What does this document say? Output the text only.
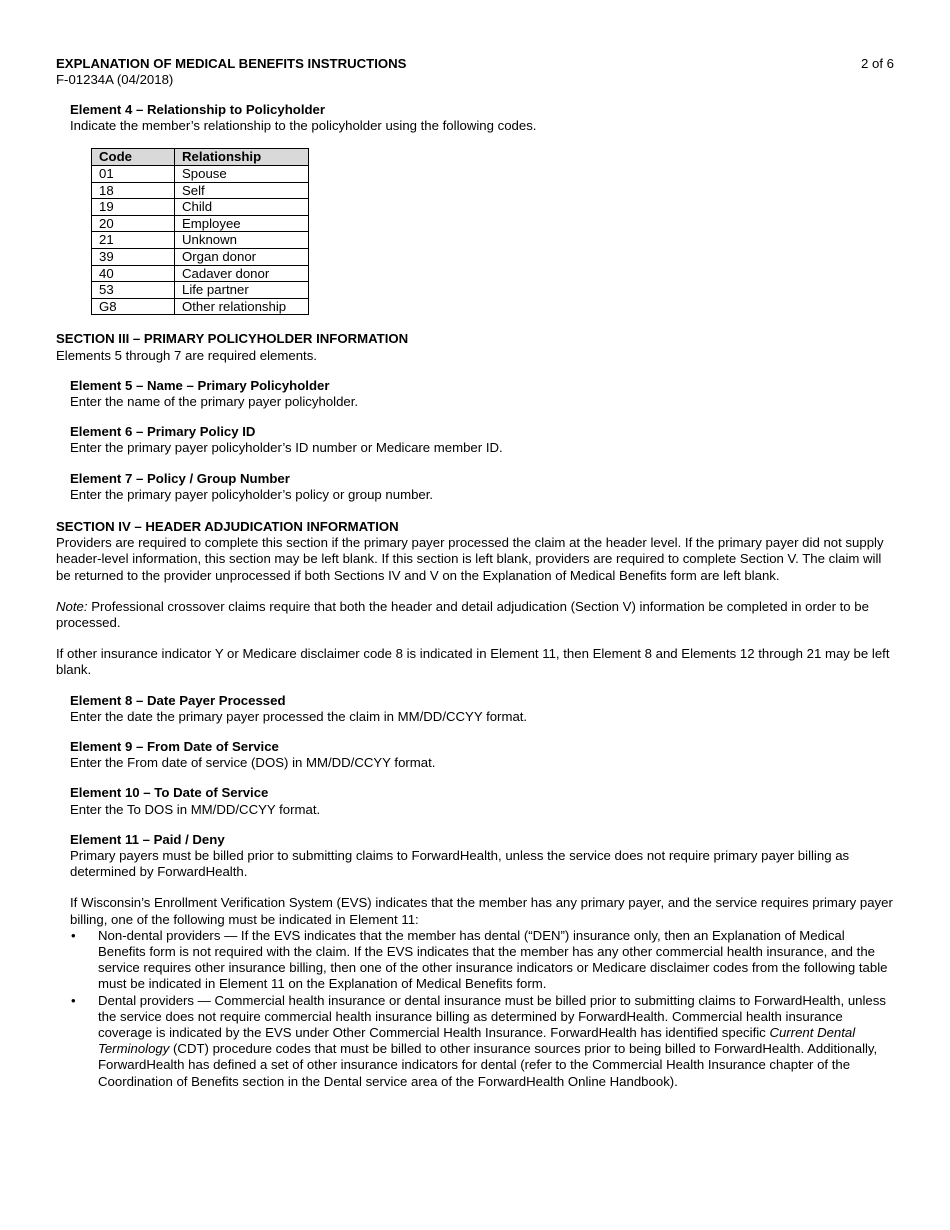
EXPLANATION OF MEDICAL BENEFITS INSTRUCTIONS	2 of 6
F-01234A (04/2018)
Element 4 – Relationship to Policyholder

Indicate the member’s relationship to the policyholder using the following codes.

Code	Relationship
01	Spouse
18	Self
19	Child
20	Employee
21	Unknown
39	Organ donor
40	Cadaver donor
53	Life partner
G8	Other relationship
SECTION III – PRIMARY POLICYHOLDER INFORMATION

Elements 5 through 7 are required elements.

Element 5 – Name – Primary Policyholder

Enter the name of the primary payer policyholder.

Element 6 – Primary Policy ID

Enter the primary payer policyholder’s ID number or Medicare member ID.

Element 7 – Policy / Group Number

Enter the primary payer policyholder’s policy or group number.

SECTION IV – HEADER ADJUDICATION INFORMATION

Providers are required to complete this section if the primary payer processed the claim at the header level. If the primary payer did not supply header-level information, this section may be left blank. If this section is left blank, providers are required to complete Section V. The claim will be returned to the provider unprocessed if both Sections IV and V on the Explanation of Medical Benefits form are left blank.

Note: Professional crossover claims require that both the header and detail adjudication (Section V) information be completed in order to be processed.

If other insurance indicator Y or Medicare disclaimer code 8 is indicated in Element 11, then Element 8 and Elements 12 through 21 may be left blank.

Element 8 – Date Payer Processed

Enter the date the primary payer processed the claim in MM/DD/CCYY format.

Element 9 – From Date of Service

Enter the From date of service (DOS) in MM/DD/CCYY format.

Element 10 – To Date of Service

Enter the To DOS in MM/DD/CCYY format.

Element 11 – Paid / Deny

Primary payers must be billed prior to submitting claims to ForwardHealth, unless the service does not require primary payer billing as determined by ForwardHealth.

If Wisconsin’s Enrollment Verification System (EVS) indicates that the member has any primary payer, and the service requires primary payer billing, one of the following must be indicated in Element 11:

• Non-dental providers — If the EVS indicates that the member has dental (“DEN”) insurance only, then an Explanation of Medical Benefits form is not required with the claim. If the EVS indicates that the member has any other commercial health insurance, and the service requires other insurance billing, then one of the other insurance indicators or Medicare disclaimer codes from the following table must be indicated in Element 11 on the Explanation of Medical Benefits form.
• Dental providers — Commercial health insurance or dental insurance must be billed prior to submitting claims to ForwardHealth, unless the service does not require commercial health insurance billing as determined by ForwardHealth. Commercial health insurance coverage is indicated by the EVS under Other Commercial Health Insurance. ForwardHealth has identified specific Current Dental Terminology (CDT) procedure codes that must be billed to other insurance sources prior to being billed to ForwardHealth. Additionally, ForwardHealth has defined a set of other insurance indicators for dental (refer to the Commercial Health Insurance chapter of the Coordination of Benefits section in the Dental service area of the ForwardHealth Online Handbook).
